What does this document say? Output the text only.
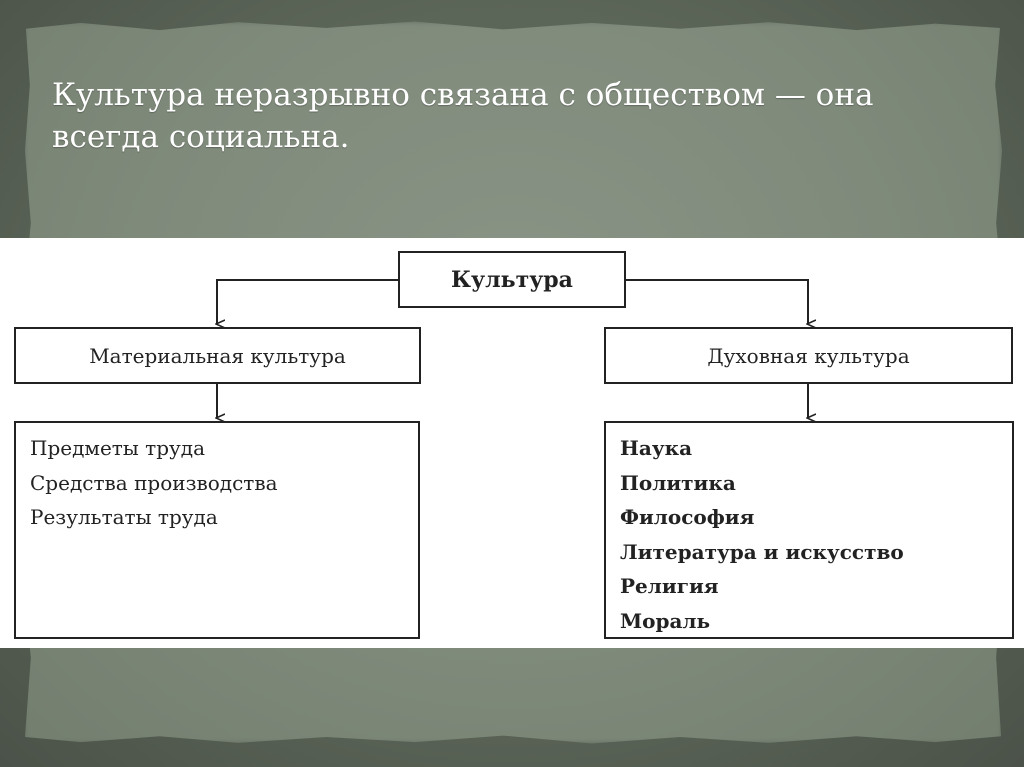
Культура неразрывно связана с обществом — она всегда социальна.
Культура
Материальная культура	Духовная культура
Предметы труда
Средства производства
Результаты труда
Наука
Политика
Философия
Литература и искусство
Религия
Мораль
